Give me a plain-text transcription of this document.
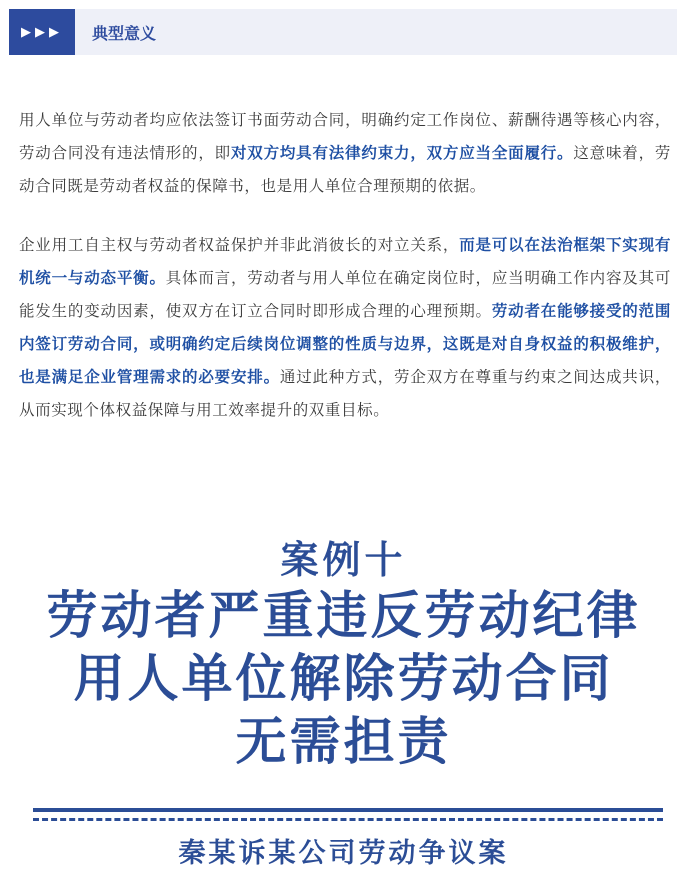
▶▶▶	典型意义

用人单位与劳动者均应依法签订书面劳动合同，明确约定工作岗位、薪酬待遇等核心内容，劳动合同没有违法情形的，即对双方均具有法律约束力，双方应当全面履行。这意味着，劳动合同既是劳动者权益的保障书，也是用人单位合理预期的依据。

企业用工自主权与劳动者权益保护并非此消彼长的对立关系，而是可以在法治框架下实现有机统一与动态平衡。具体而言，劳动者与用人单位在确定岗位时，应当明确工作内容及其可能发生的变动因素，使双方在订立合同时即形成合理的心理预期。劳动者在能够接受的范围内签订劳动合同，或明确约定后续岗位调整的性质与边界，这既是对自身权益的积极维护，也是满足企业管理需求的必要安排。通过此种方式，劳企双方在尊重与约束之间达成共识，从而实现个体权益保障与用工效率提升的双重目标。

案例十
劳动者严重违反劳动纪律
用人单位解除劳动合同
无需担责
秦某诉某公司劳动争议案
